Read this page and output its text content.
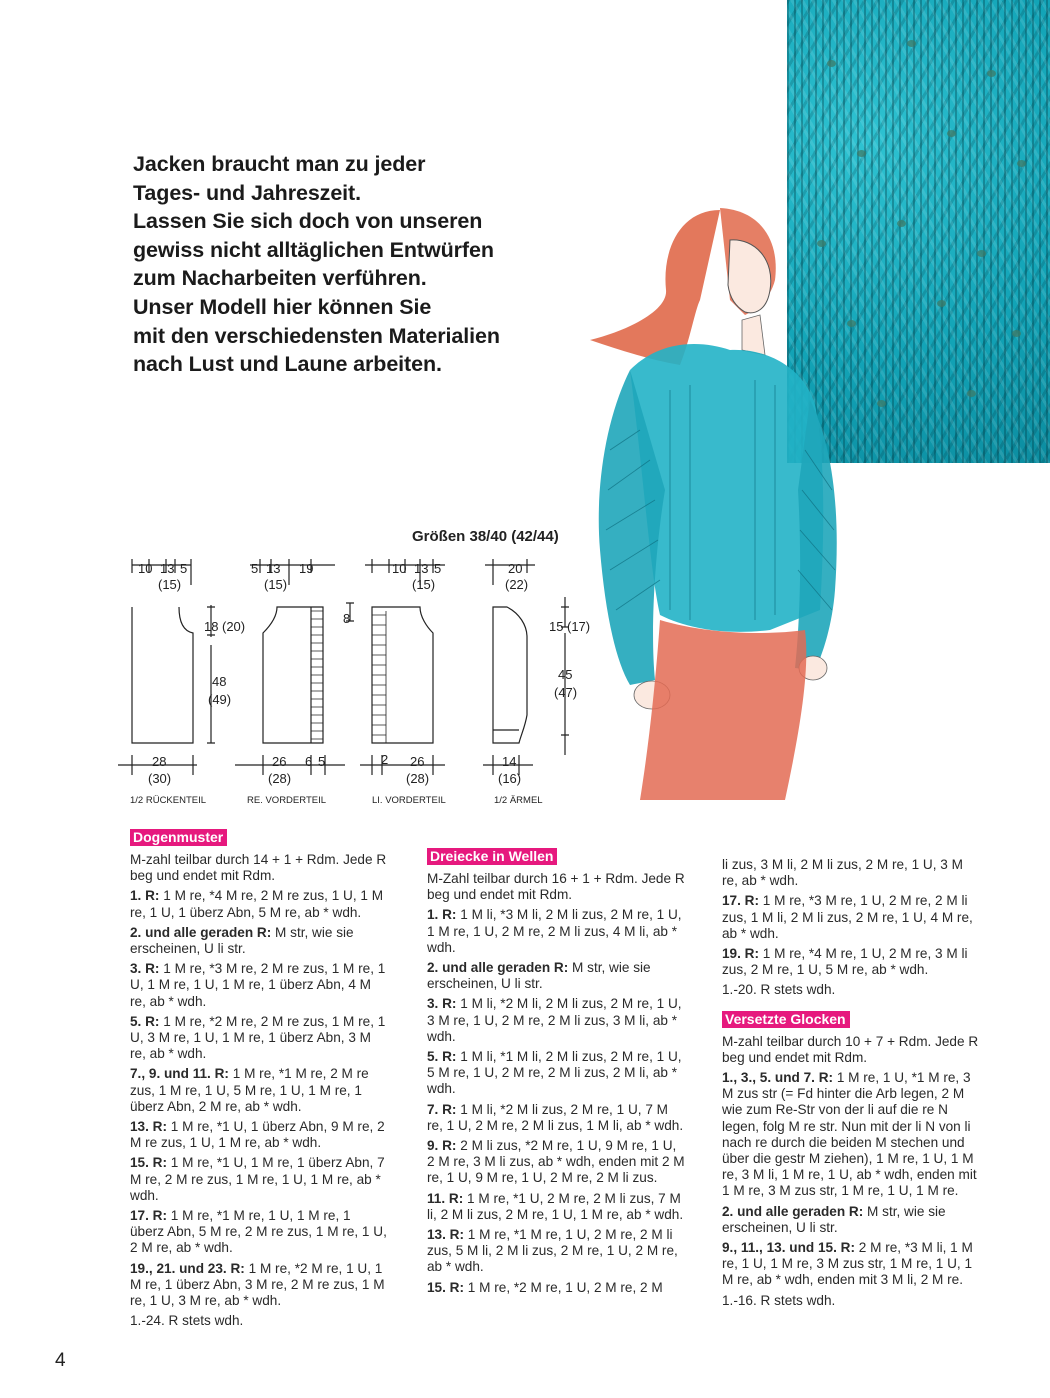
Jacken braucht man zu jeder

Tages- und Jahreszeit.

Lassen Sie sich doch von unseren

gewiss nicht alltäglichen Entwürfen

zum Nacharbeiten verführen.

Unser Modell hier können Sie

mit den verschiedensten Materialien

nach Lust und Laune arbeiten.

Größen 38/40 (42/44)
10 13 5
(15)
18 (20)
48
(49)
28
(30)
1/2 RÜCKENTEIL
5 13 19
(15)
8
26
(28)
6 5
RE. VORDERTEIL
10 13 5
(15)
2 26
(28)
LI. VORDERTEIL
20
(22)
15 (17)
45
(47)
14
(16)
1/2 ÄRMEL
Dogenmuster

M-zahl teilbar durch 14 + 1 + Rdm. Jede R beg und endet mit Rdm.

1. R: 1 M re, *4 M re, 2 M re zus, 1 U, 1 M re, 1 U, 1 überz Abn, 5 M re, ab * wdh.

2. und alle geraden R: M str, wie sie erscheinen, U li str.

3. R: 1 M re, *3 M re, 2 M re zus, 1 M re, 1 U, 1 M re, 1 U, 1 M re, 1 überz Abn, 4 M re, ab * wdh.

5. R: 1 M re, *2 M re, 2 M re zus, 1 M re, 1 U, 3 M re, 1 U, 1 M re, 1 überz Abn, 3 M re, ab * wdh.

7., 9. und 11. R: 1 M re, *1 M re, 2 M re zus, 1 M re, 1 U, 5 M re, 1 U, 1 M re, 1 überz Abn, 2 M re, ab * wdh.

13. R: 1 M re, *1 U, 1 überz Abn, 9 M re, 2 M re zus, 1 U, 1 M re, ab * wdh.

15. R: 1 M re, *1 U, 1 M re, 1 überz Abn, 7 M re, 2 M re zus, 1 M re, 1 U, 1 M re, ab * wdh.

17. R: 1 M re, *1 M re, 1 U, 1 M re, 1 überz Abn, 5 M re, 2 M re zus, 1 M re, 1 U, 2 M re, ab * wdh.

19., 21. und 23. R: 1 M re, *2 M re, 1 U, 1 M re, 1 überz Abn, 3 M re, 2 M re zus, 1 M re, 1 U, 3 M re, ab * wdh.

1.-24. R stets wdh.

Dreiecke in Wellen

M-Zahl teilbar durch 16 + 1 + Rdm. Jede R beg und endet mit Rdm.

1. R: 1 M li, *3 M li, 2 M li zus, 2 M re, 1 U, 1 M re, 1 U, 2 M re, 2 M li zus, 4 M li, ab * wdh.

2. und alle geraden R: M str, wie sie erscheinen, U li str.

3. R: 1 M li, *2 M li, 2 M li zus, 2 M re, 1 U, 3 M re, 1 U, 2 M re, 2 M li zus, 3 M li, ab * wdh.

5. R: 1 M li, *1 M li, 2 M li zus, 2 M re, 1 U, 5 M re, 1 U, 2 M re, 2 M li zus, 2 M li, ab * wdh.

7. R: 1 M li, *2 M li zus, 2 M re, 1 U, 7 M re, 1 U, 2 M re, 2 M li zus, 1 M li, ab * wdh.

9. R: 2 M li zus, *2 M re, 1 U, 9 M re, 1 U, 2 M re, 3 M li zus, ab * wdh, enden mit 2 M re, 1 U, 9 M re, 1 U, 2 M re, 2 M li zus.

11. R: 1 M re, *1 U, 2 M re, 2 M li zus, 7 M li, 2 M li zus, 2 M re, 1 U, 1 M re, ab * wdh.

13. R: 1 M re, *1 M re, 1 U, 2 M re, 2 M li zus, 5 M li, 2 M li zus, 2 M re, 1 U, 2 M re, ab * wdh.

15. R: 1 M re, *2 M re, 1 U, 2 M re, 2 M

li zus, 3 M li, 2 M li zus, 2 M re, 1 U, 3 M re, ab * wdh.

17. R: 1 M re, *3 M re, 1 U, 2 M re, 2 M li zus, 1 M li, 2 M li zus, 2 M re, 1 U, 4 M re, ab * wdh.

19. R: 1 M re, *4 M re, 1 U, 2 M re, 3 M li zus, 2 M re, 1 U, 5 M re, ab * wdh.

1.-20. R stets wdh.

Versetzte Glocken

M-zahl teilbar durch 10 + 7 + Rdm. Jede R beg und endet mit Rdm.

1., 3., 5. und 7. R: 1 M re, 1 U, *1 M re, 3 M zus str (= Fd hinter die Arb legen, 2 M wie zum Re-Str von der li auf die re N legen, folg M re str. Nun mit der li N von li nach re durch die beiden M stechen und über die gestr M ziehen), 1 M re, 1 U, 1 M re, 3 M li, 1 M re, 1 U, ab * wdh, enden mit 1 M re, 3 M zus str, 1 M re, 1 U, 1 M re.

2. und alle geraden R: M str, wie sie erscheinen, U li str.

9., 11., 13. und 15. R: 2 M re, *3 M li, 1 M re, 1 U, 1 M re, 3 M zus str, 1 M re, 1 U, 1 M re, ab * wdh, enden mit 3 M li, 2 M re.

1.-16. R stets wdh.

4
